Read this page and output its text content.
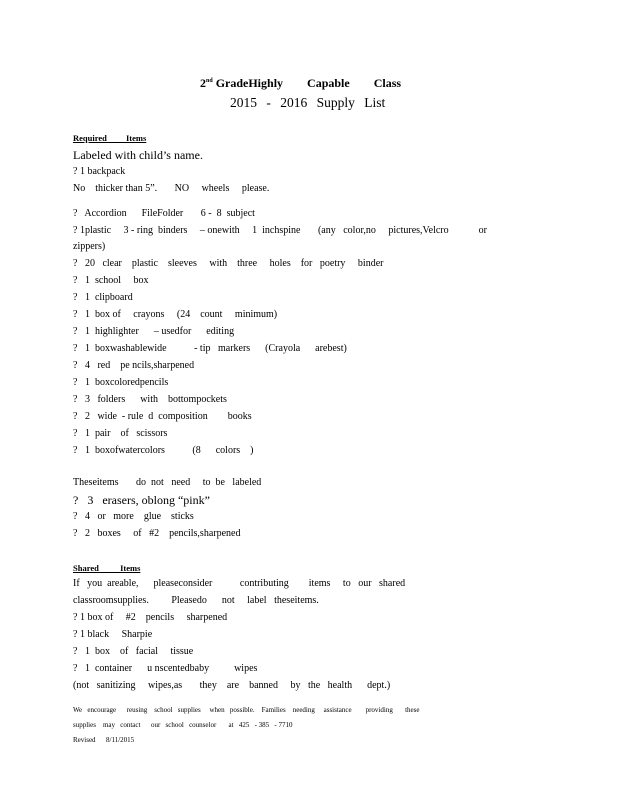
2nd GradeHighly        Capable        Class
2015 - 2016 Supply List
Required         Items
Labeled with child’s name.
? 1 backpack
No    thicker than 5”.       NO     wheels     please.
?   Accordion      FileFolder       6 -  8  subject
? 1plastic     3 - ring  binders     – onewith     1  inchspine       (any   color,no     pictures,Velcro            or
zippers)
?   20   clear    plastic    sleeves     with    three     holes    for   poetry     binder
?   1  school     box
?   1  clipboard
?   1  box of     crayons     (24    count     minimum)
?   1  highlighter      – usedfor      editing
?   1  boxwashablewide           - tip   markers      (Crayola      arebest)
?   4   red    pe ncils,sharpened
?   1  boxcoloredpencils
?   3   folders      with    bottompockets
?   2   wide  - rule  d  composition        books
?   1  pair    of   scissors
?   1  boxofwatercolors           (8      colors    )
Theseitems       do  not   need     to  be   labeled
?   3   erasers, oblong “pink”
?   4   or   more    glue    sticks
?   2   boxes     of   #2    pencils,sharpened
Shared          Items
If   you  areable,      pleaseconsider           contributing        items     to   our   shared
classroomsupplies.         Pleasedo      not     label   theseitems.
? 1 box of     #2    pencils     sharpened
? 1 black     Sharpie
?   1  box    of   facial     tissue
?   1  container      u nscentedbaby          wipes
(not   sanitizing     wipes,as       they    are    banned     by   the   health      dept.)
We   encourage      reusing    school   supplies     when   possible.    Families    needing     assistance        providing       these
supplies    may   contact      our   school   counselor       at   425   - 385   - 7710
Revised      8/11/2015
